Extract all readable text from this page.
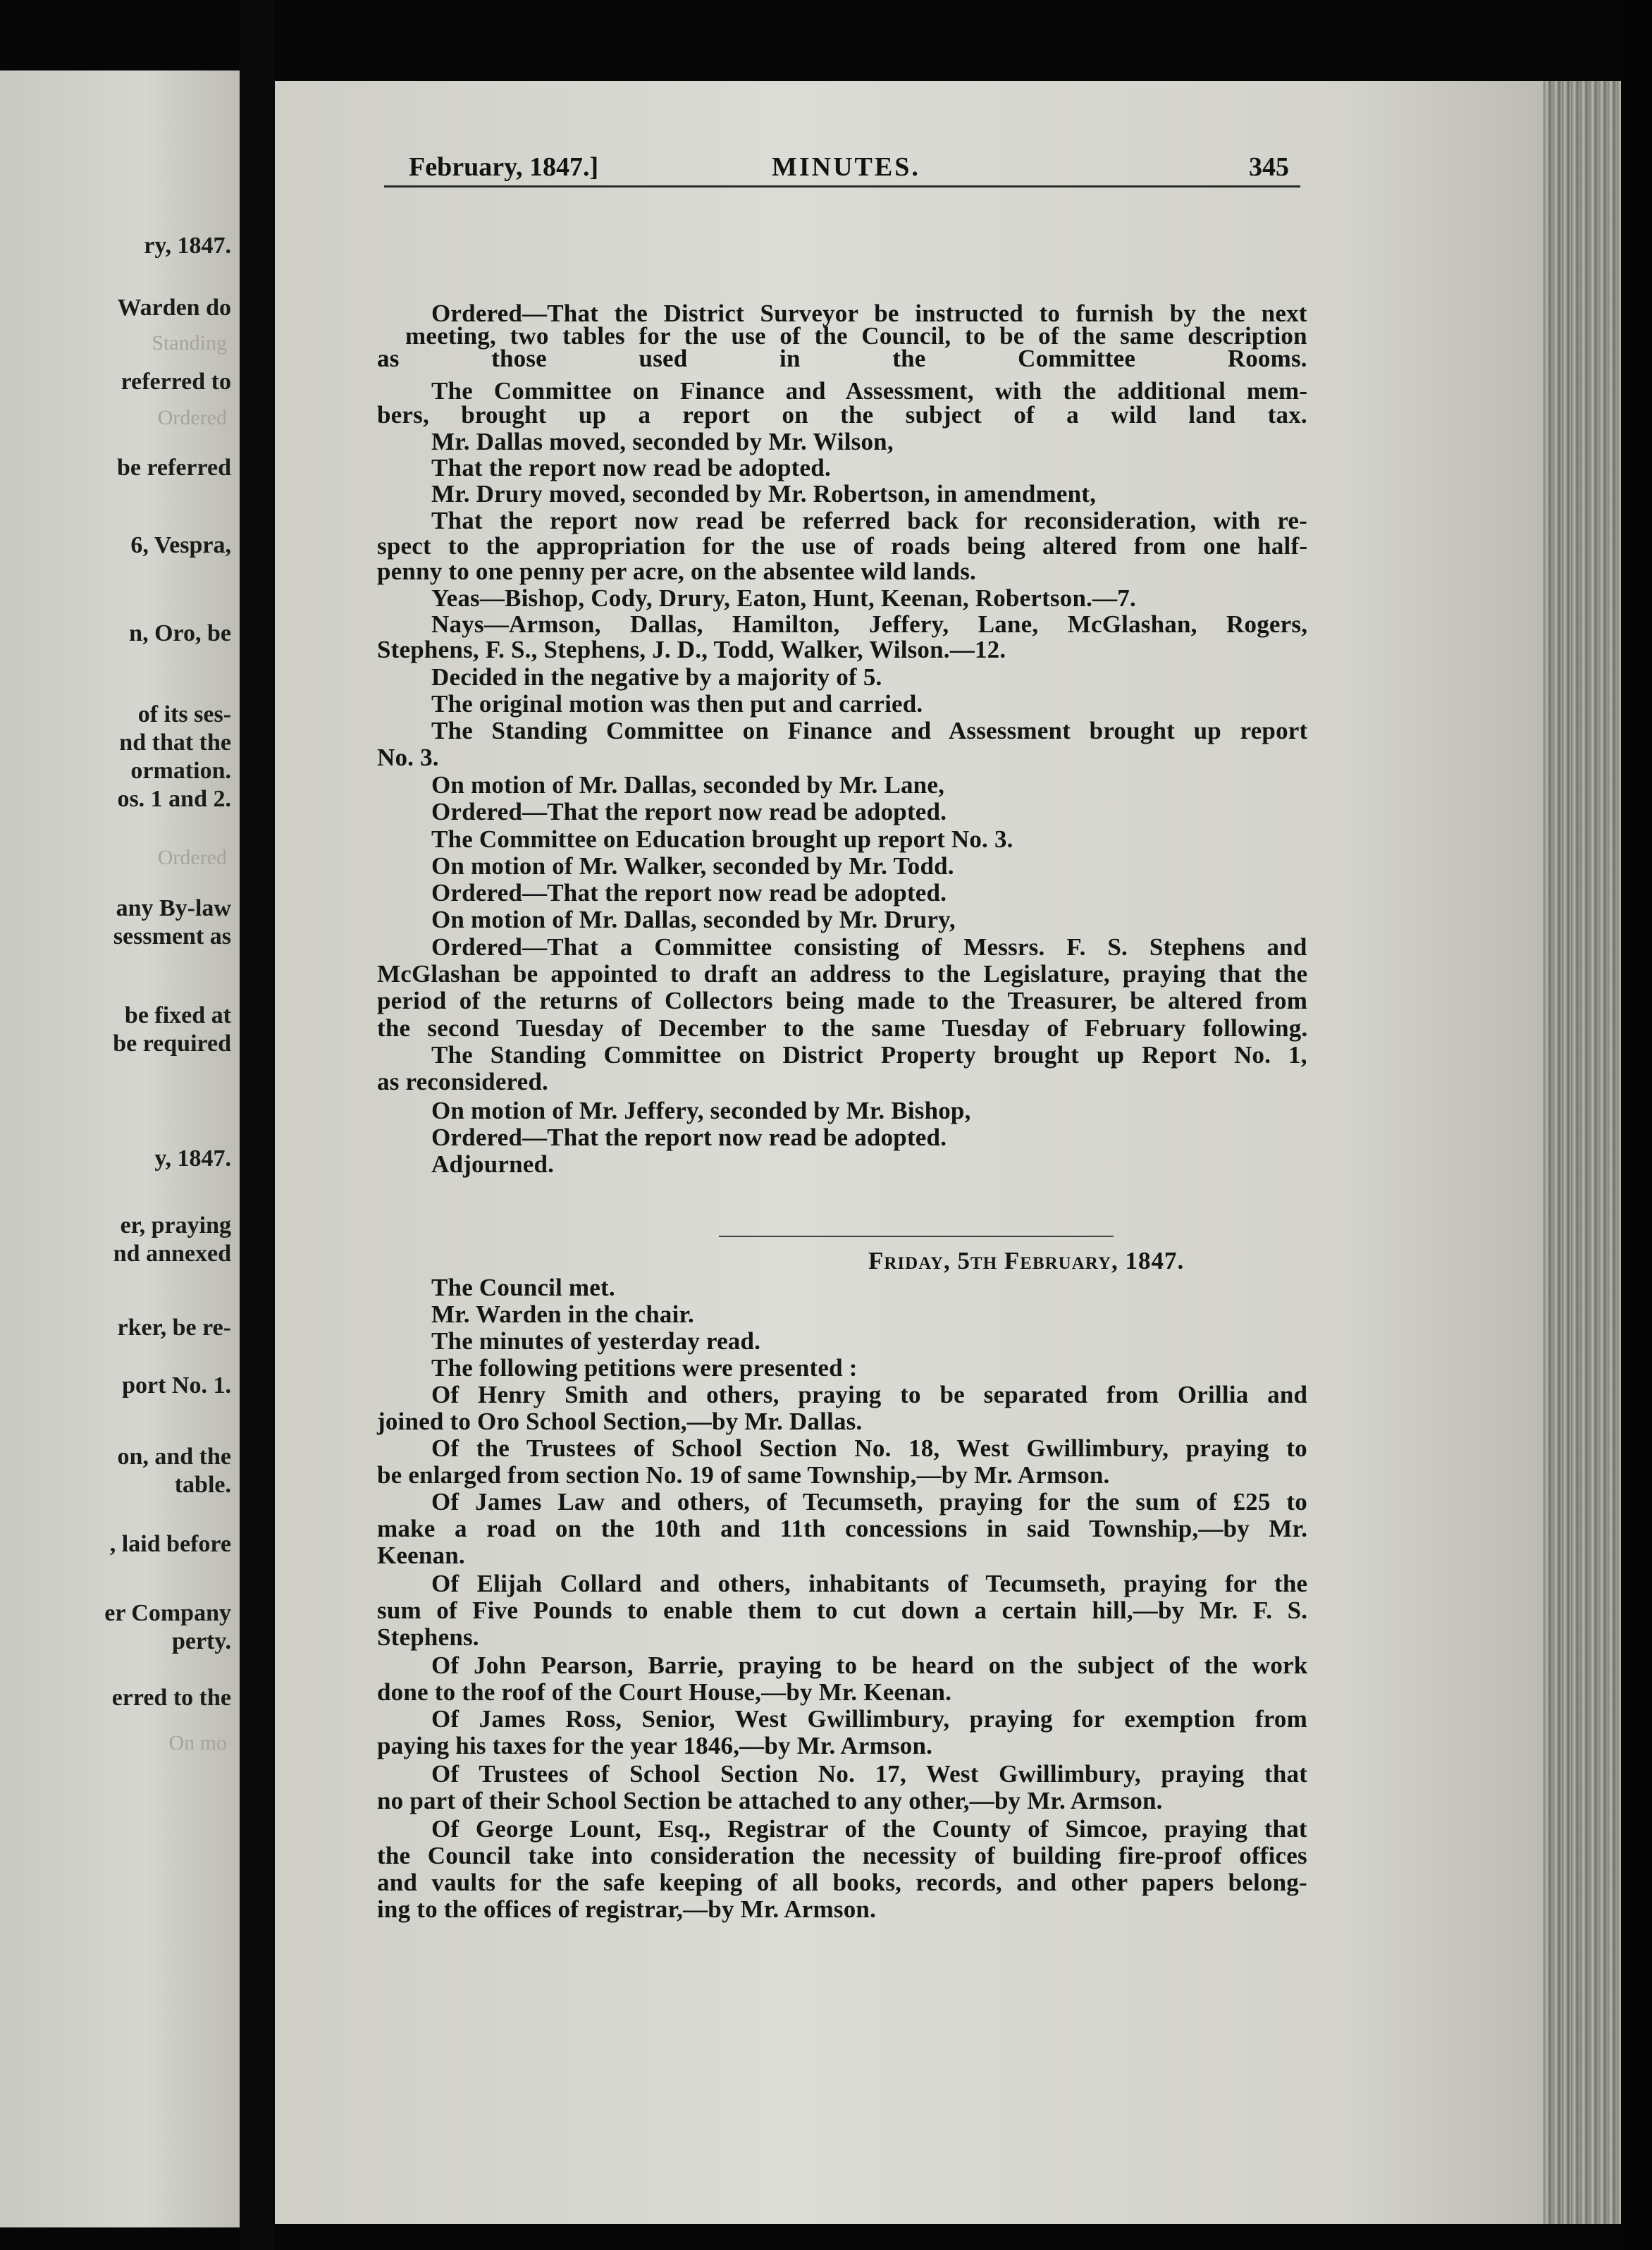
ry, 1847.
Warden do
Standing
referred to
Ordered
be referred
6, Vespra,
n, Oro, be
of its ses-
nd that the
ormation.
os. 1 and 2.
Ordered
any By-law
sessment as
be fixed at
be required
y, 1847.
er, praying
nd annexed
rker, be re-
port No. 1.
on, and the
table.
, laid before
er Company
perty.
erred to the
On mo
February, 1847.]	MINUTES.	345
Ordered—That the District Surveyor be instructed to furnish by the next
meeting, two tables for the use of the Council, to be of the same description
as those used in the Committee Rooms.
The Committee on Finance and Assessment, with the additional mem-
bers, brought up a report on the subject of a wild land tax.
Mr. Dallas moved, seconded by Mr. Wilson,
That the report now read be adopted.
Mr. Drury moved, seconded by Mr. Robertson, in amendment,
That the report now read be referred back for reconsideration, with re-
spect to the appropriation for the use of roads being altered from one half-
penny to one penny per acre, on the absentee wild lands.
Yeas—Bishop, Cody, Drury, Eaton, Hunt, Keenan, Robertson.—7.
Nays—Armson, Dallas, Hamilton, Jeffery, Lane, McGlashan, Rogers,
Stephens, F. S., Stephens, J. D., Todd, Walker, Wilson.—12.
Decided in the negative by a majority of 5.
The original motion was then put and carried.
The Standing Committee on Finance and Assessment brought up report
No. 3.
On motion of Mr. Dallas, seconded by Mr. Lane,
Ordered—That the report now read be adopted.
The Committee on Education brought up report No. 3.
On motion of Mr. Walker, seconded by Mr. Todd.
Ordered—That the report now read be adopted.
On motion of Mr. Dallas, seconded by Mr. Drury,
Ordered—That a Committee consisting of Messrs. F. S. Stephens and
McGlashan be appointed to draft an address to the Legislature, praying that the
period of the returns of Collectors being made to the Treasurer, be altered from
the second Tuesday of December to the same Tuesday of February following.
The Standing Committee on District Property brought up Report No. 1,
as reconsidered.
On motion of Mr. Jeffery, seconded by Mr. Bishop,
Ordered—That the report now read be adopted.
Adjourned.
Friday, 5th February, 1847.
The Council met.
Mr. Warden in the chair.
The minutes of yesterday read.
The following petitions were presented :
Of Henry Smith and others, praying to be separated from Orillia and
joined to Oro School Section,—by Mr. Dallas.
Of the Trustees of School Section No. 18, West Gwillimbury, praying to
be enlarged from section No. 19 of same Township,—by Mr. Armson.
Of James Law and others, of Tecumseth, praying for the sum of £25 to
make a road on the 10th and 11th concessions in said Township,—by Mr.
Keenan.
Of Elijah Collard and others, inhabitants of Tecumseth, praying for the
sum of Five Pounds to enable them to cut down a certain hill,—by Mr. F. S.
Stephens.
Of John Pearson, Barrie, praying to be heard on the subject of the work
done to the roof of the Court House,—by Mr. Keenan.
Of James Ross, Senior, West Gwillimbury, praying for exemption from
paying his taxes for the year 1846,—by Mr. Armson.
Of Trustees of School Section No. 17, West Gwillimbury, praying that
no part of their School Section be attached to any other,—by Mr. Armson.
Of George Lount, Esq., Registrar of the County of Simcoe, praying that
the Council take into consideration the necessity of building fire-proof offices
and vaults for the safe keeping of all books, records, and other papers belong-
ing to the offices of registrar,—by Mr. Armson.
